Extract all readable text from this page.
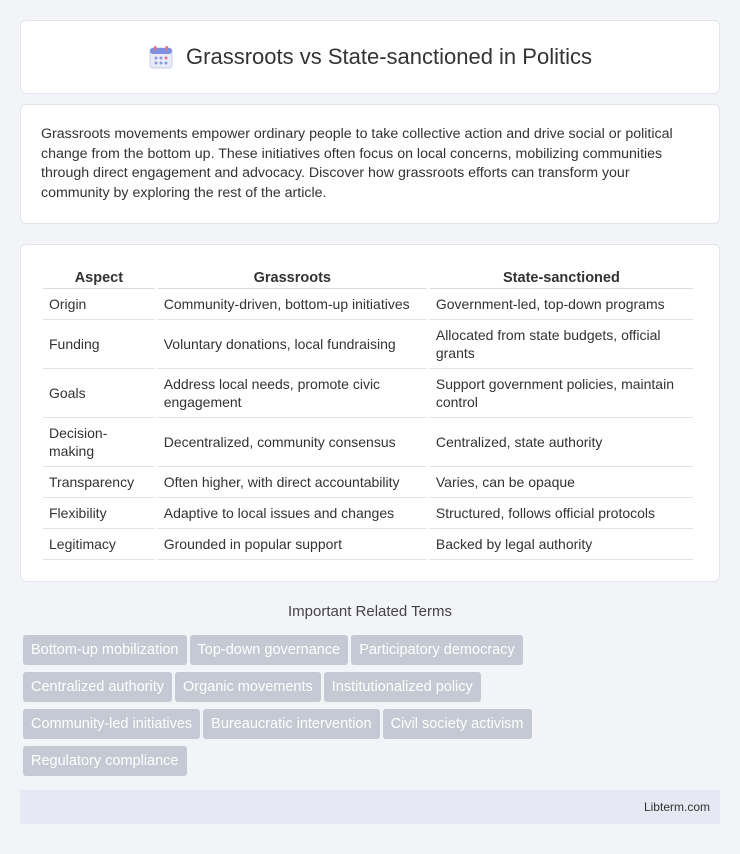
Grassroots vs State-sanctioned in Politics

Grassroots movements empower ordinary people to take collective action and drive social or political change from the bottom up. These initiatives often focus on local concerns, mobilizing communities through direct engagement and advocacy. Discover how grassroots efforts can transform your community by exploring the rest of the article.

Aspect	Grassroots	State-sanctioned
Origin	Community-driven, bottom-up initiatives	Government-led, top-down programs
Funding	Voluntary donations, local fundraising	Allocated from state budgets, official grants
Goals	Address local needs, promote civic engagement	Support government policies, maintain control
Decision-making	Decentralized, community consensus	Centralized, state authority
Transparency	Often higher, with direct accountability	Varies, can be opaque
Flexibility	Adaptive to local issues and changes	Structured, follows official protocols
Legitimacy	Grounded in popular support	Backed by legal authority
Important Related Terms
Bottom-up mobilization Top-down governance Participatory democracy
Centralized authority Organic movements Institutionalized policy
Community-led initiatives Bureaucratic intervention Civil society activism
Regulatory compliance
Libterm.com
